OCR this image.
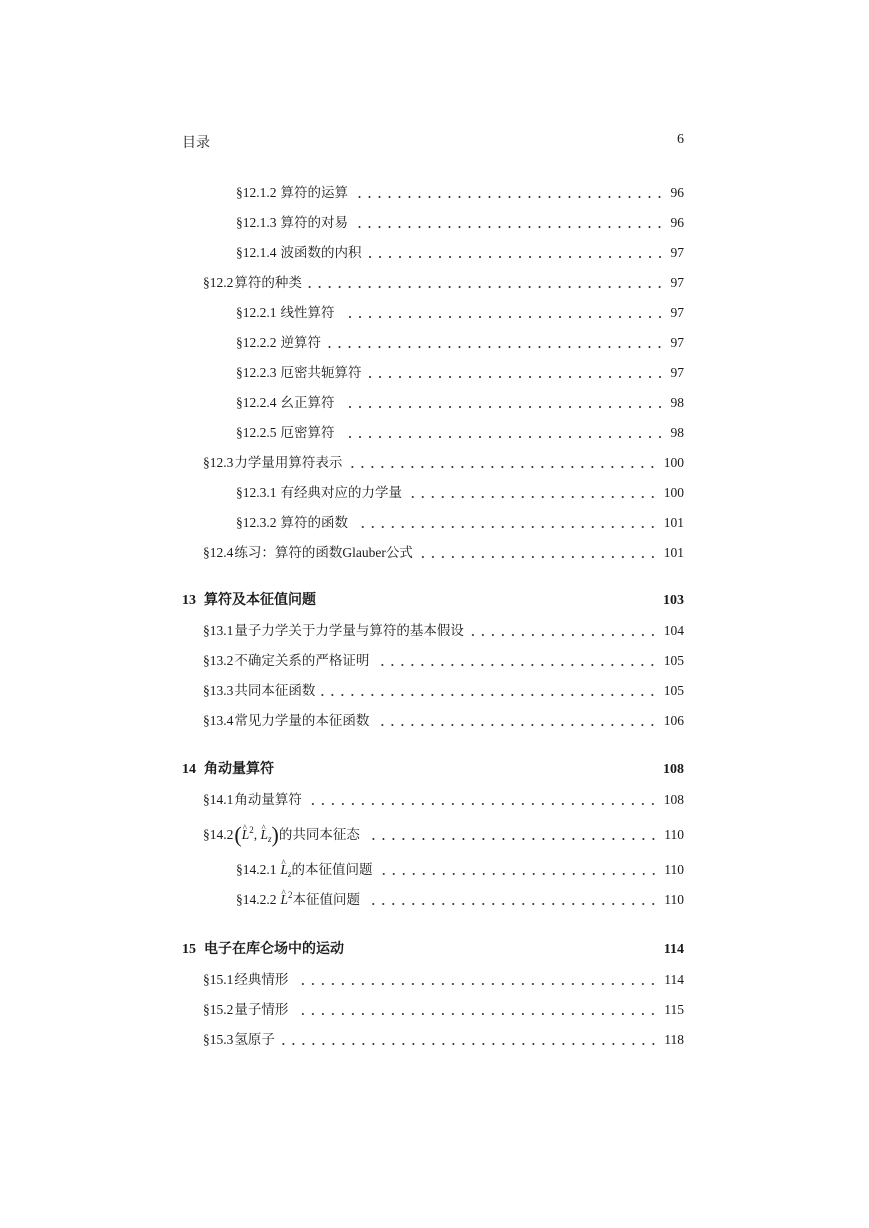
目录	6
§12.1.2 算符的运算	96
§12.1.3 算符的对易	96
§12.1.4 波函数的内积	97
§12.2算符的种类	97
§12.2.1 线性算符	97
§12.2.2 逆算符	97
§12.2.3 厄密共轭算符	97
§12.2.4 幺正算符	98
§12.2.5 厄密算符	98
§12.3力学量用算符表示	100
§12.3.1 有经典对应的力学量	100
§12.3.2 算符的函数	101
§12.4练习：算符的函数Glauber公式	101
13 算符及本征值问题	103
§13.1量子力学关于力学量与算符的基本假设	104
§13.2不确定关系的严格证明	105
§13.3共同本征函数	105
§13.4常见力学量的本征函数	106
14 角动量算符	108
§14.1角动量算符	108
§14.2(^ $L^2$, ^ $L_z$)的共同本征态	110
§14.2.1 ^ $L_z$的本征值问题	110
§14.2.2 ^ $L^2$本征值问题	110
15 电子在库仑场中的运动	114
§15.1经典情形	114
§15.2量子情形	115
§15.3氢原子	118
